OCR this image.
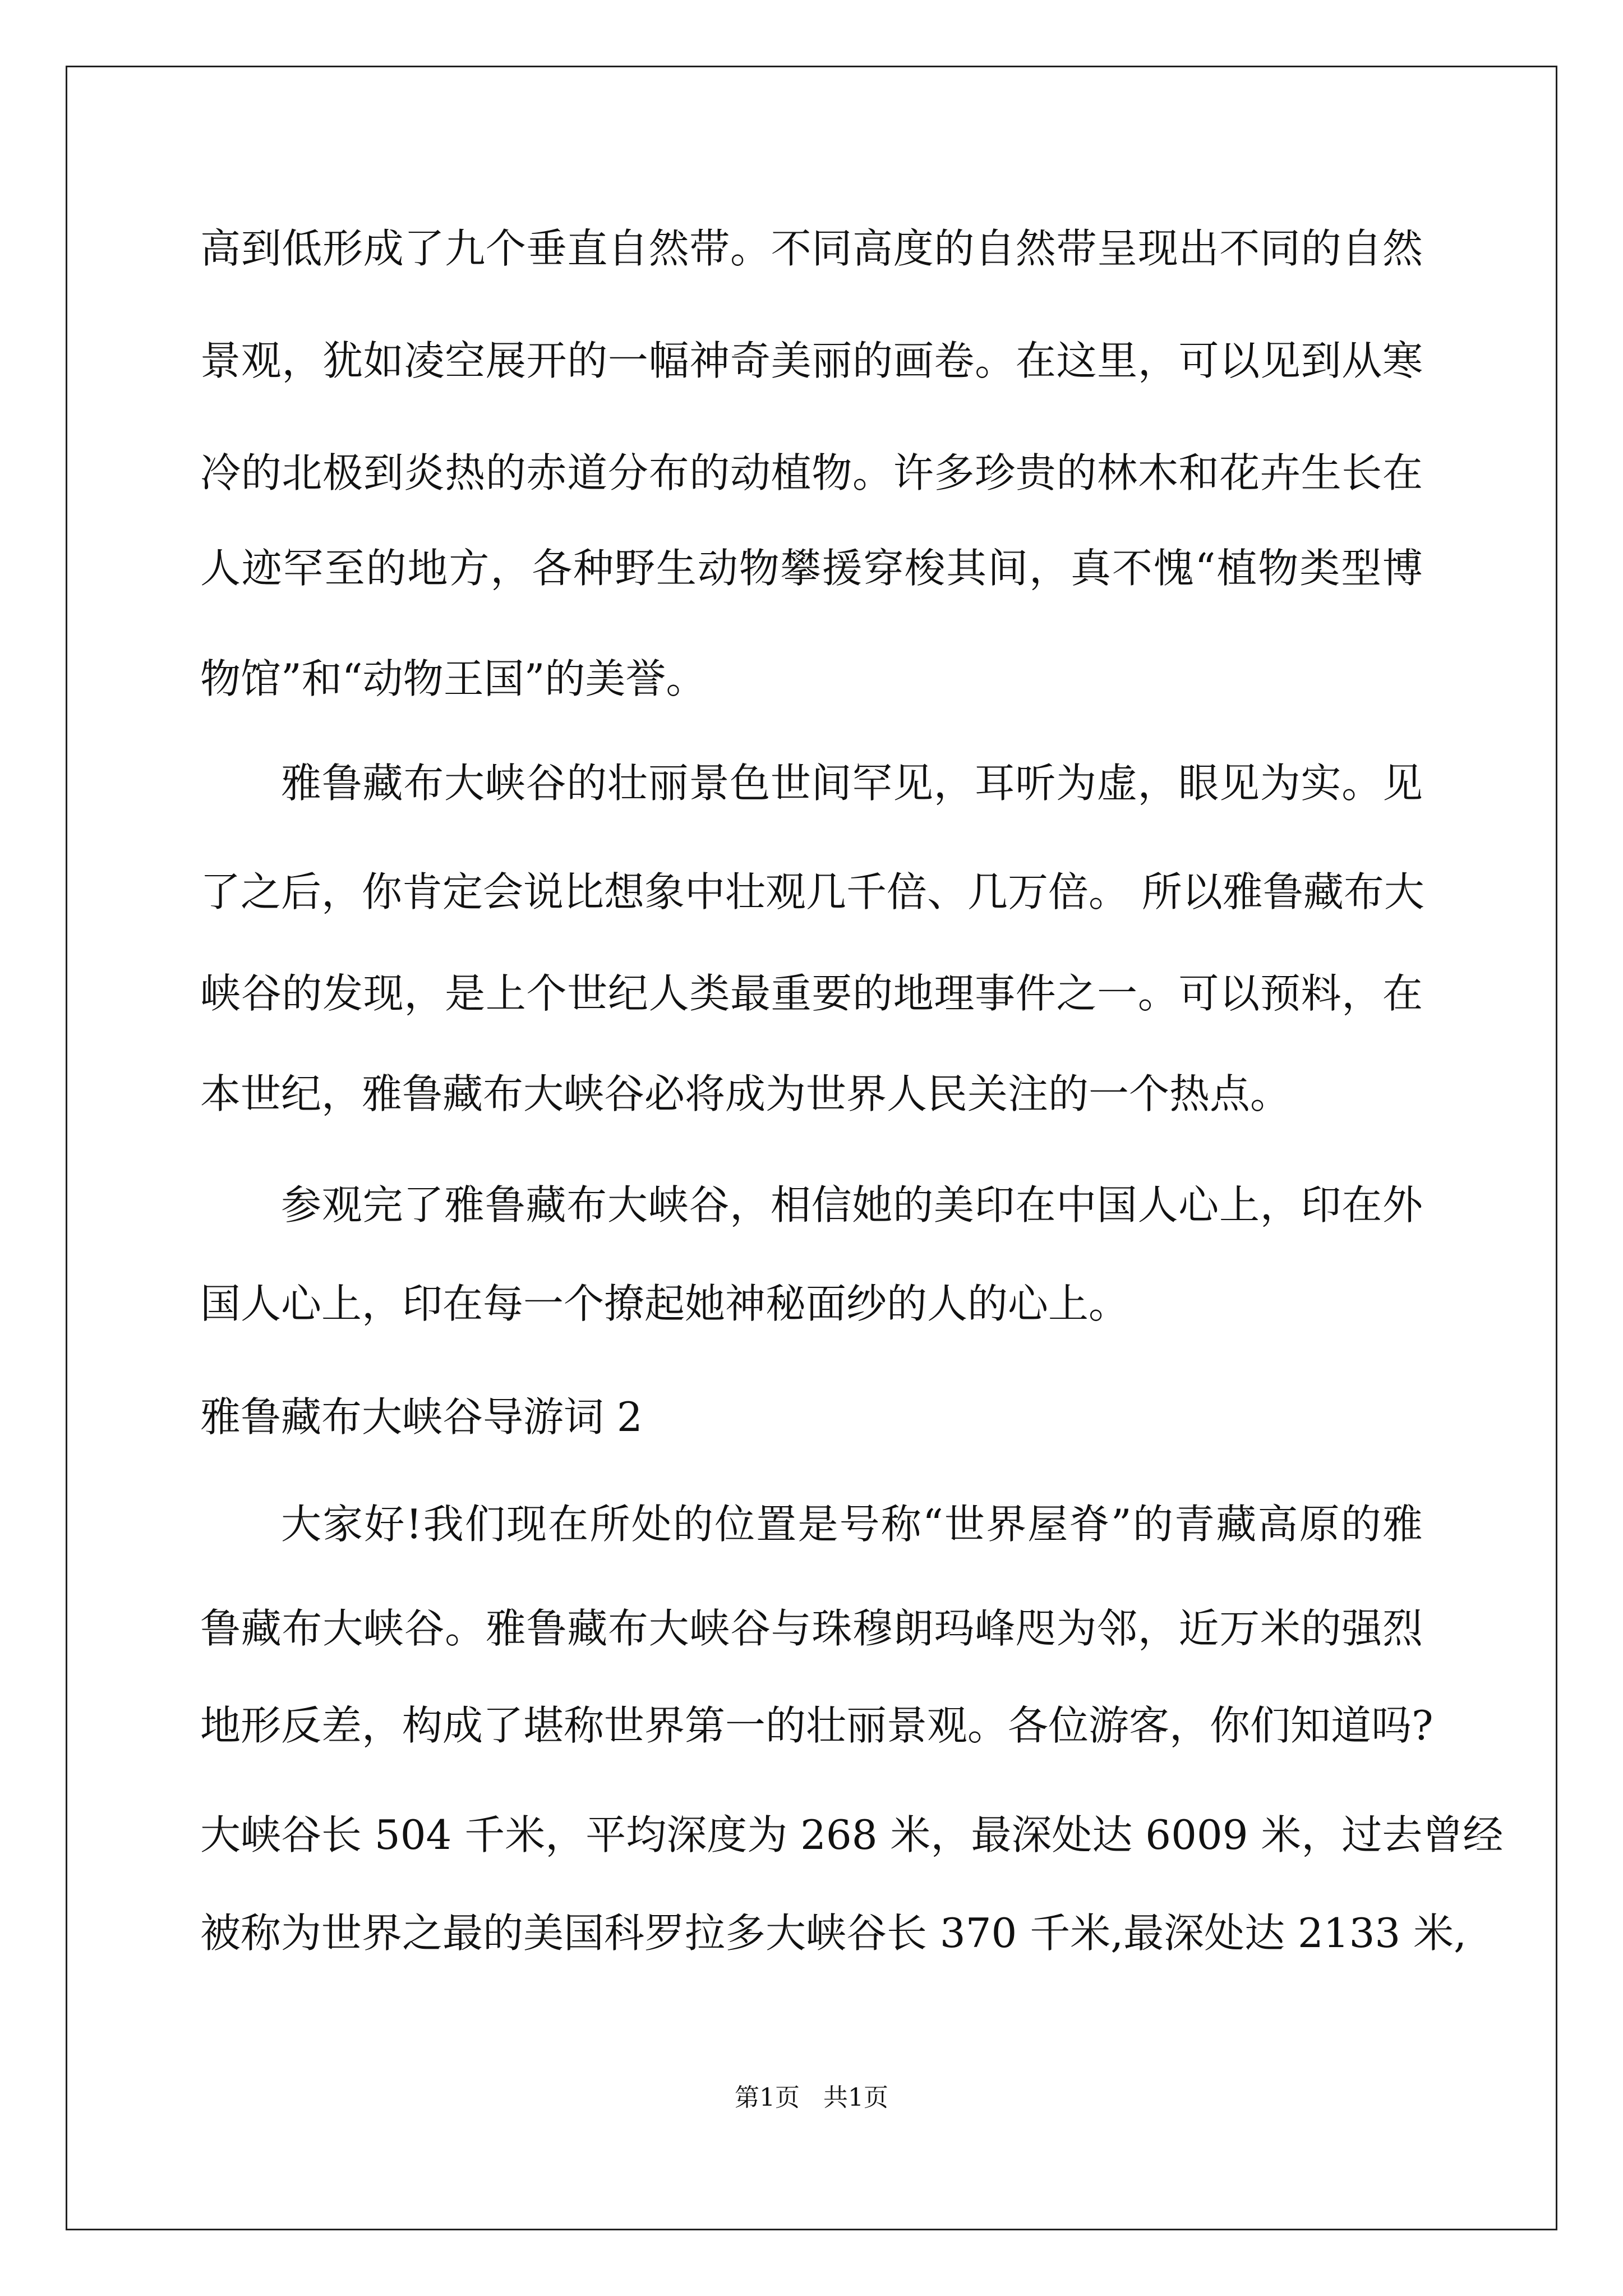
高到低形成了九个垂直自然带。不同高度的自然带呈现出不同的自然
景观，犹如凌空展开的一幅神奇美丽的画卷。在这里，可以见到从寒
冷的北极到炎热的赤道分布的动植物。许多珍贵的林木和花卉生长在
人迹罕至的地方，各种野生动物攀援穿梭其间，真不愧“植物类型博
物馆”和“动物王国”的美誉。
雅鲁藏布大峡谷的壮丽景色世间罕见，耳听为虚，眼见为实。见
了之后，你肯定会说比想象中壮观几千倍、几万倍。 所以雅鲁藏布大
峡谷的发现，是上个世纪人类最重要的地理事件之一。可以预料，在
本世纪，雅鲁藏布大峡谷必将成为世界人民关注的一个热点。
参观完了雅鲁藏布大峡谷，相信她的美印在中国人心上，印在外
国人心上，印在每一个撩起她神秘面纱的人的心上。
雅鲁藏布大峡谷导游词 2
大家好!我们现在所处的位置是号称“世界屋脊”的青藏高原的雅
鲁藏布大峡谷。雅鲁藏布大峡谷与珠穆朗玛峰咫为邻，近万米的强烈
地形反差，构成了堪称世界第一的壮丽景观。各位游客，你们知道吗?
大峡谷长 504 千米，平均深度为 268 米，最深处达 6009 米，过去曾经
被称为世界之最的美国科罗拉多大峡谷长 370 千米,最深处达 2133 米,
第1页   共1页
